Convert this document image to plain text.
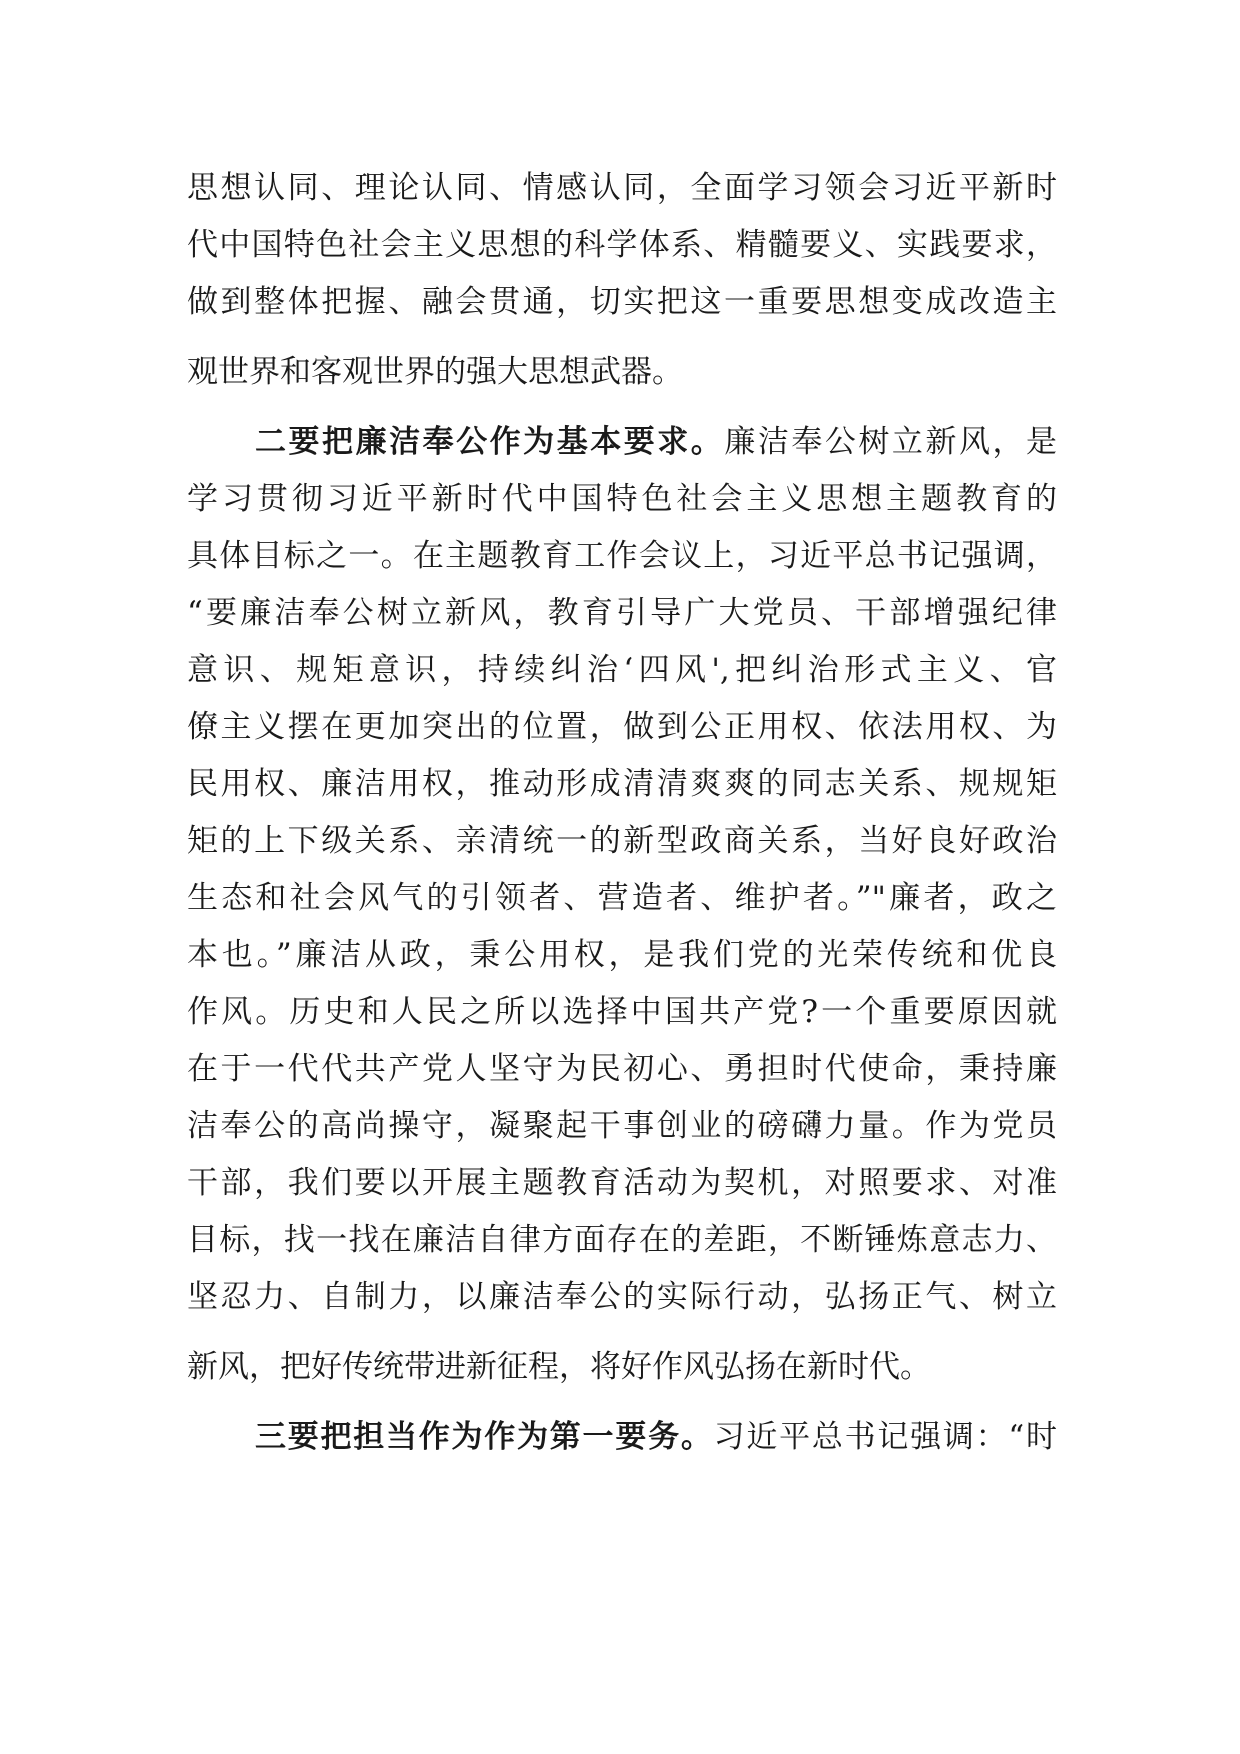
思想认同、理论认同、情感认同，全面学习领会习近平新时
代中国特色社会主义思想的科学体系、精髓要义、实践要求，
做到整体把握、融会贯通，切实把这一重要思想变成改造主
观世界和客观世界的强大思想武器。
二要把廉洁奉公作为基本要求。廉洁奉公树立新风，是
学习贯彻习近平新时代中国特色社会主义思想主题教育的
具体目标之一。在主题教育工作会议上，习近平总书记强调，
“要廉洁奉公树立新风，教育引导广大党员、干部增强纪律
意识、规矩意识，持续纠治‘四风',把纠治形式主义、官
僚主义摆在更加突出的位置，做到公正用权、依法用权、为
民用权、廉洁用权，推动形成清清爽爽的同志关系、规规矩
矩的上下级关系、亲清统一的新型政商关系，当好良好政治
生态和社会风气的引领者、营造者、维护者。”"廉者，政之
本也。”廉洁从政，秉公用权，是我们党的光荣传统和优良
作风。历史和人民之所以选择中国共产党?一个重要原因就
在于一代代共产党人坚守为民初心、勇担时代使命，秉持廉
洁奉公的高尚操守，凝聚起干事创业的磅礴力量。作为党员
干部，我们要以开展主题教育活动为契机，对照要求、对准
目标，找一找在廉洁自律方面存在的差距，不断锤炼意志力、
坚忍力、自制力，以廉洁奉公的实际行动，弘扬正气、树立
新风，把好传统带进新征程，将好作风弘扬在新时代。
三要把担当作为作为第一要务。习近平总书记强调：“时
